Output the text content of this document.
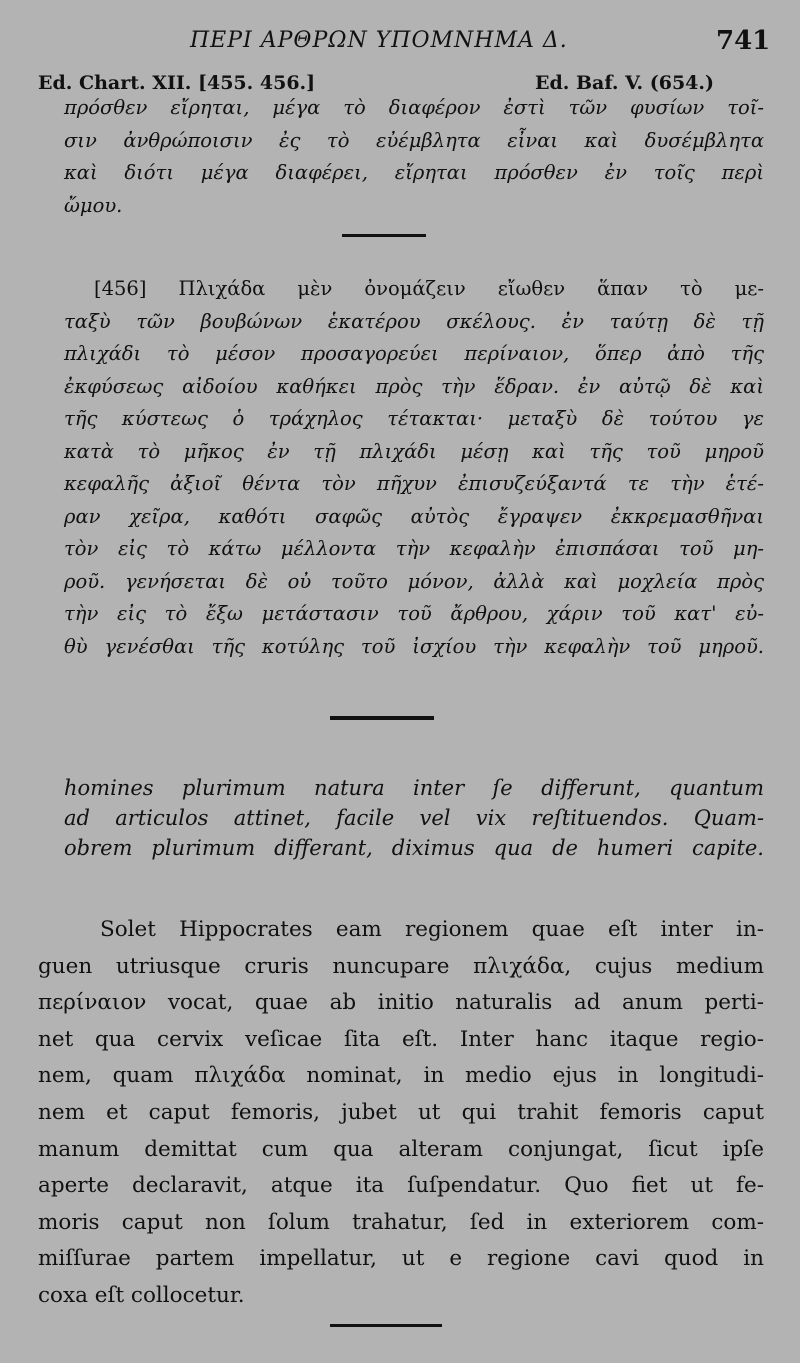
ΠΕΡΙ ΑΡΘΡΩΝ ΥΠΟΜΝΗΜΑ Δ.	741
Ed. Chart. XII. [455. 456.]	Ed. Baf. V. (654.)
πρόσθεν εἴρηται, μέγα τὸ διαφέρον ἐστὶ τῶν φυσίων τοῖ-
σιν ἀνθρώποισιν ἐς τὸ εὐέμβλητα εἶναι καὶ δυσέμβλητα
καὶ διότι μέγα διαφέρει, εἴρηται πρόσθεν ἐν τοῖς περὶ
ὤμου.
[456] Πλιχάδα μὲν ὀνομάζειν εἴωθεν ἅπαν τὸ με-
ταξὺ τῶν βουβώνων ἑκατέρου σκέλους. ἐν ταύτῃ δὲ τῇ
πλιχάδι τὸ μέσον προσαγορεύει περίναιον, ὅπερ ἀπὸ τῆς
ἐκφύσεως αἰδοίου καθήκει πρὸς τὴν ἕδραν. ἐν αὐτῷ δὲ καὶ
τῆς κύστεως ὁ τράχηλος τέτακται· μεταξὺ δὲ τούτου γε
κατὰ τὸ μῆκος ἐν τῇ πλιχάδι μέσῃ καὶ τῆς τοῦ μηροῦ
κεφαλῆς ἀξιοῖ θέντα τὸν πῆχυν ἐπισυζεύξαντά τε τὴν ἑτέ-
ραν χεῖρα, καθότι σαφῶς αὐτὸς ἔγραψεν ἐκκρεμασθῆναι
τὸν εἰς τὸ κάτω μέλλοντα τὴν κεφαλὴν ἐπισπάσαι τοῦ μη-
ροῦ. γενήσεται δὲ οὐ τοῦτο μόνον, ἀλλὰ καὶ μοχλεία πρὸς
τὴν εἰς τὸ ἔξω μετάστασιν τοῦ ἄρθρου, χάριν τοῦ κατ' εὐ-
θὺ γενέσθαι τῆς κοτύλης τοῦ ἰσχίου τὴν κεφαλὴν τοῦ μηροῦ.
homines plurimum natura inter ſe differunt, quantum
ad articulos attinet, facile vel vix reſtituendos. Quam-
obrem plurimum differant, diximus qua de humeri capite.
Solet Hippocrates eam regionem quae eſt inter in-
guen utriusque cruris nuncupare πλιχάδα, cujus medium
περίναιον vocat, quae ab initio naturalis ad anum perti-
net qua cervix veſicae ſita eſt. Inter hanc itaque regio-
nem, quam πλιχάδα nominat, in medio ejus in longitudi-
nem et caput femoris, jubet ut qui trahit femoris caput
manum demittat cum qua alteram conjungat, ſicut ipſe
aperte declaravit, atque ita ſuſpendatur. Quo fiet ut fe-
moris caput non ſolum trahatur, ſed in exteriorem com-
miſſurae partem impellatur, ut e regione cavi quod in
coxa eſt collocetur.
